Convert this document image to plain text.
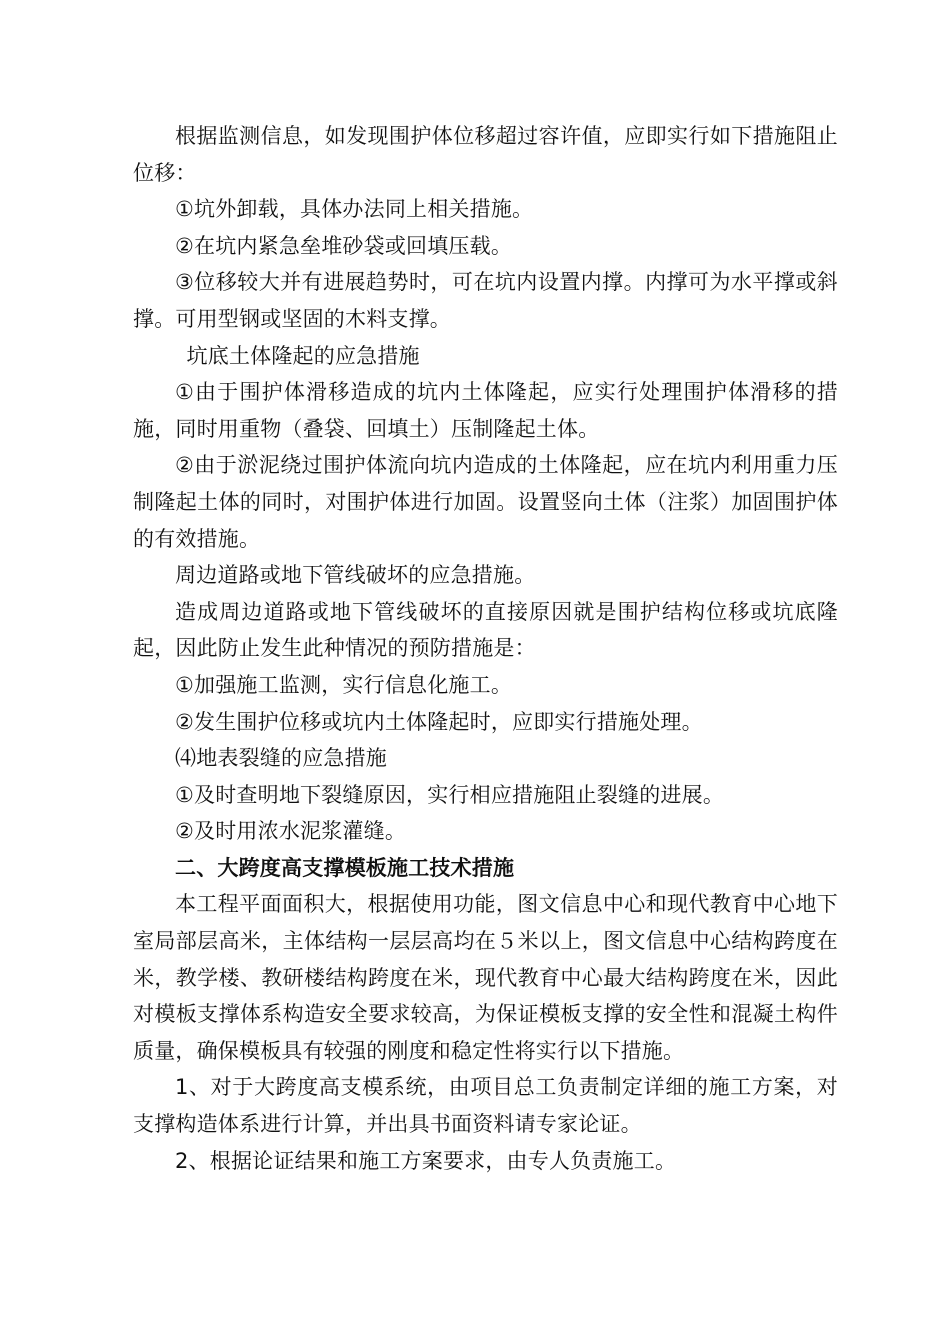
根据监测信息，如发现围护体位移超过容许值，应即实行如下措施阻止位移：

①坑外卸载，具体办法同上相关措施。

②在坑内紧急垒堆砂袋或回填压载。

③位移较大并有进展趋势时，可在坑内设置内撑。内撑可为水平撑或斜撑。可用型钢或坚固的木料支撑。

坑底土体隆起的应急措施

①由于围护体滑移造成的坑内土体隆起，应实行处理围护体滑移的措施，同时用重物（叠袋、回填土）压制隆起土体。

②由于淤泥绕过围护体流向坑内造成的土体隆起，应在坑内利用重力压制隆起土体的同时，对围护体进行加固。设置竖向土体（注浆）加固围护体的有效措施。

周边道路或地下管线破坏的应急措施。

造成周边道路或地下管线破坏的直接原因就是围护结构位移或坑底隆起，因此防止发生此种情况的预防措施是：

①加强施工监测，实行信息化施工。

②发生围护位移或坑内土体隆起时，应即实行措施处理。

⑷地表裂缝的应急措施

①及时查明地下裂缝原因，实行相应措施阻止裂缝的进展。

②及时用浓水泥浆灌缝。

二、大跨度高支撑模板施工技术措施

本工程平面面积大，根据使用功能，图文信息中心和现代教育中心地下室局部层高米，主体结构一层层高均在５米以上，图文信息中心结构跨度在米，教学楼、教研楼结构跨度在米，现代教育中心最大结构跨度在米，因此对模板支撑体系构造安全要求较高，为保证模板支撑的安全性和混凝土构件质量，确保模板具有较强的刚度和稳定性将实行以下措施。

1、对于大跨度高支模系统，由项目总工负责制定详细的施工方案，对支撑构造体系进行计算，并出具书面资料请专家论证。

2、根据论证结果和施工方案要求，由专人负责施工。
